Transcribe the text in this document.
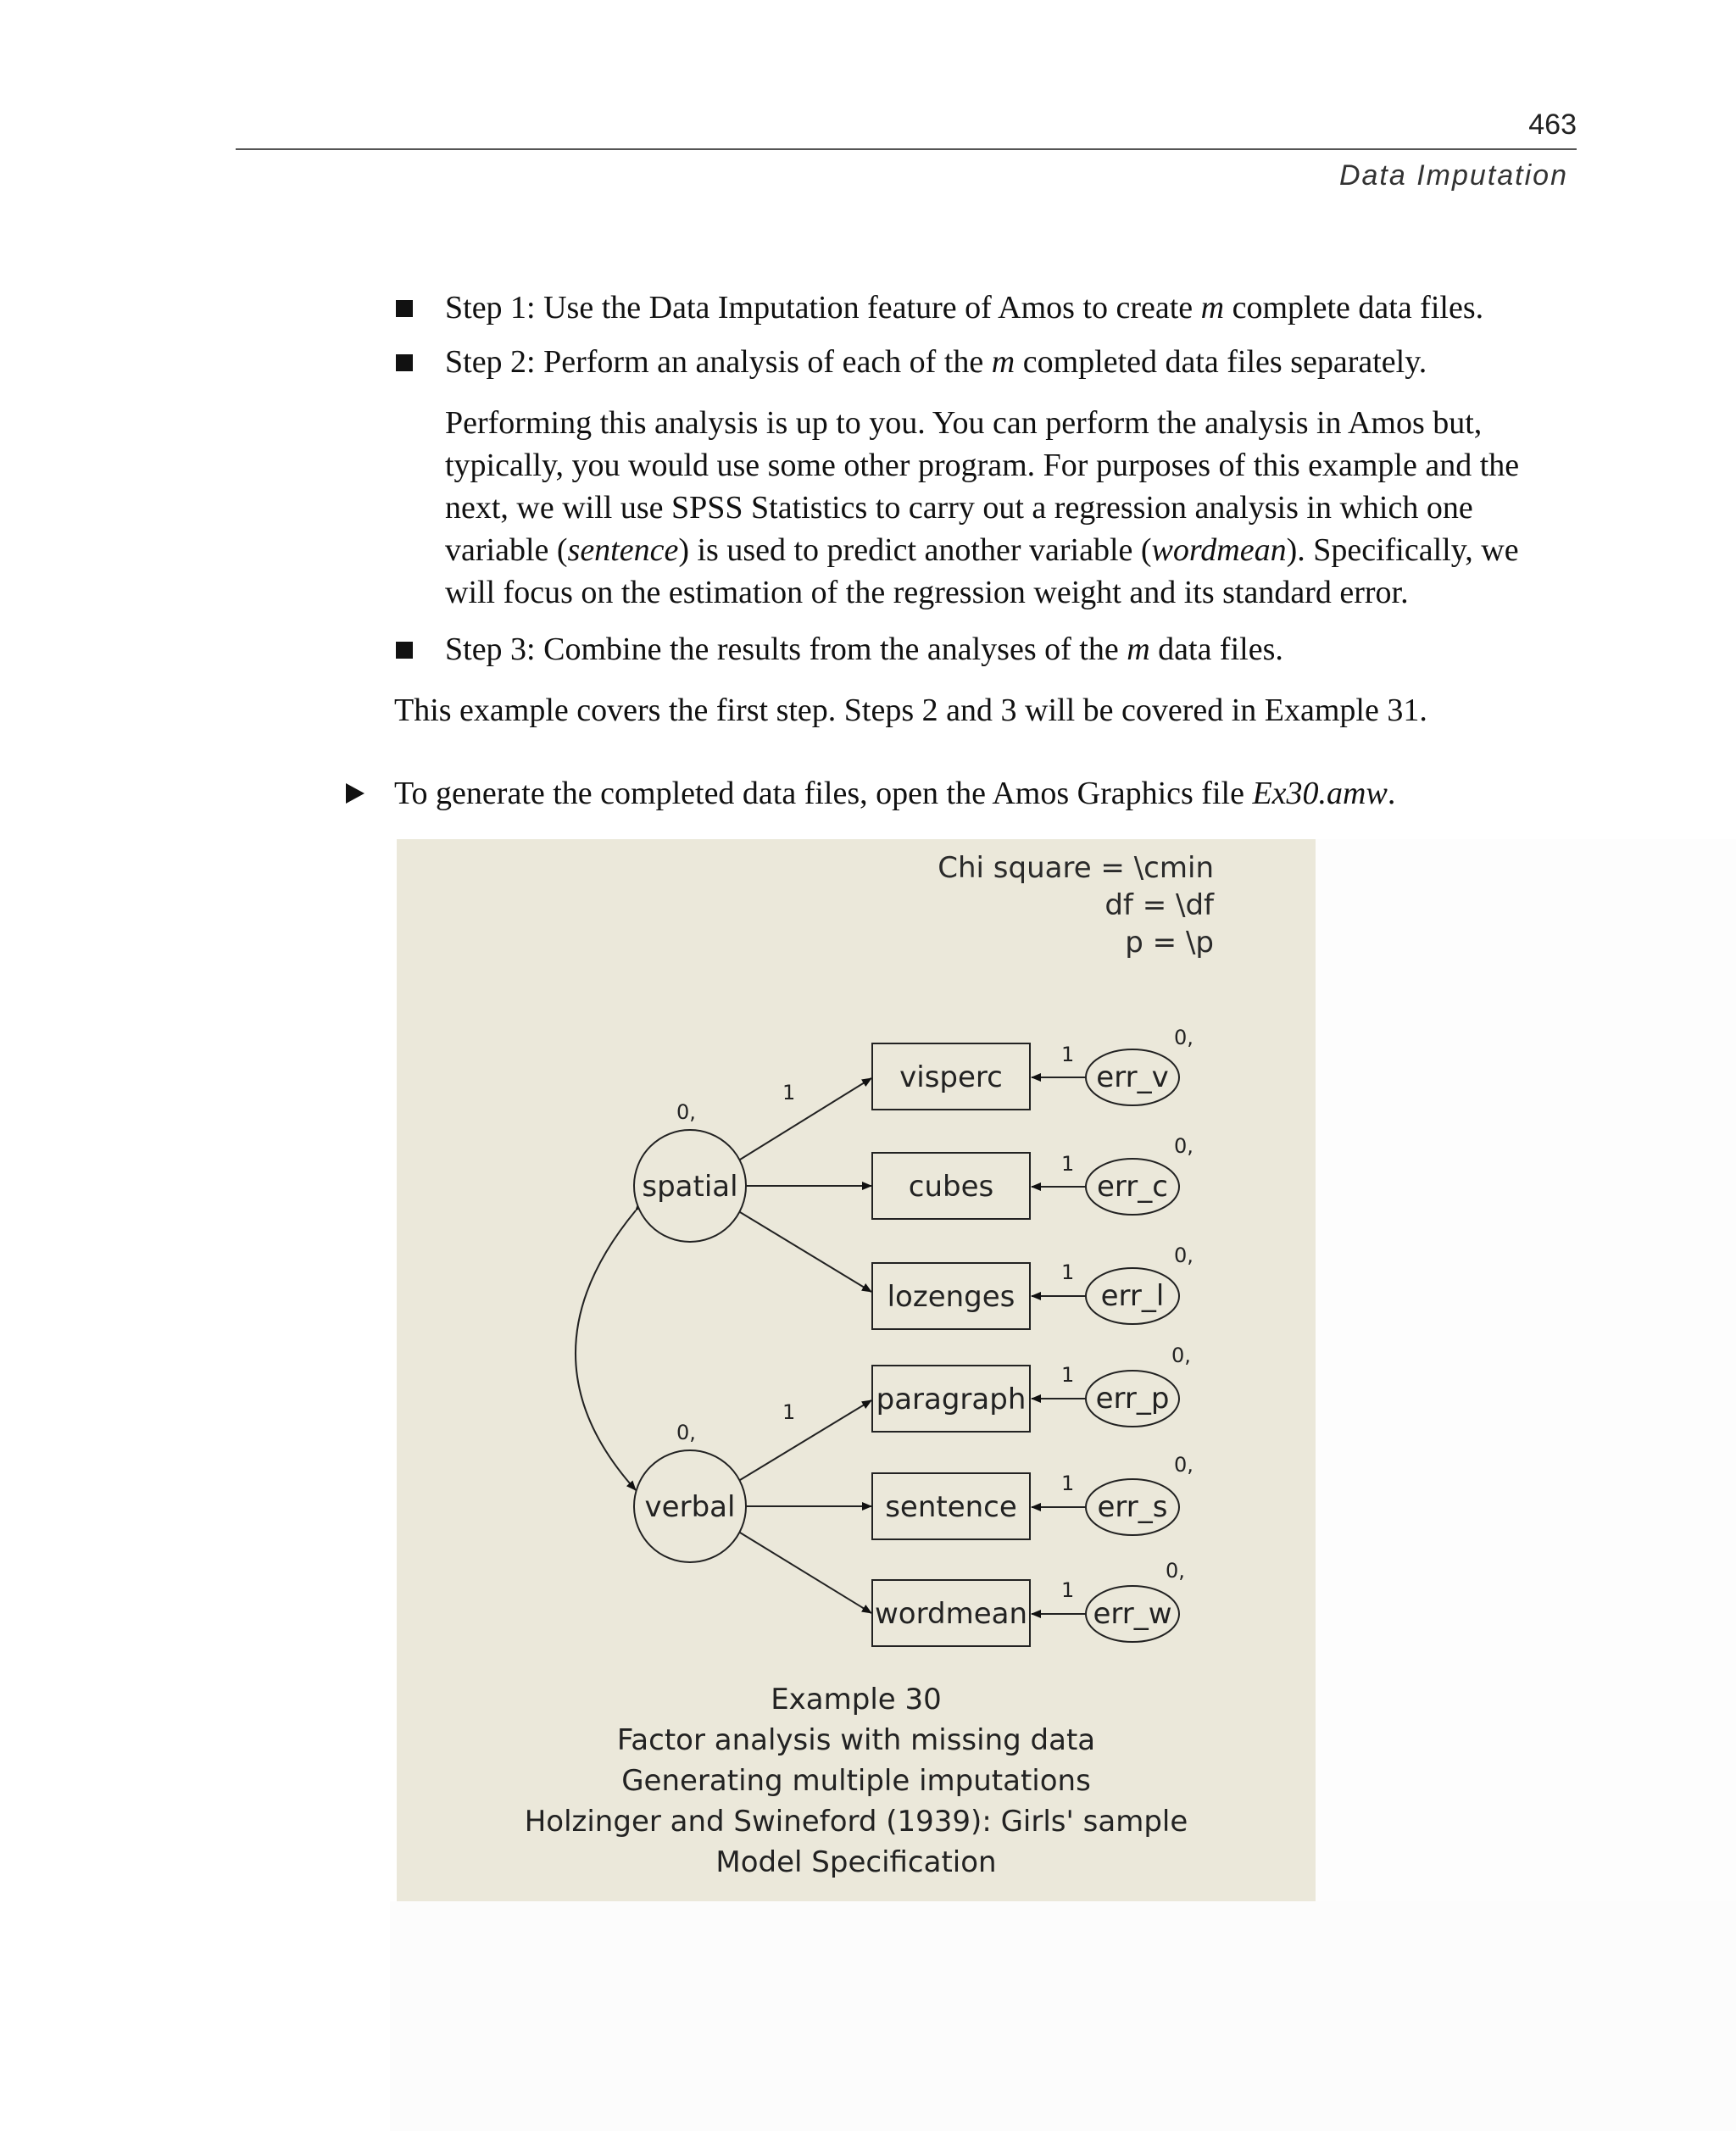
463
Data Imputation
Step 1: Use the Data Imputation feature of Amos to create m complete data files.
Step 2: Perform an analysis of each of the m completed data files separately.
Performing this analysis is up to you. You can perform the analysis in Amos but,
typically, you would use some other program. For purposes of this example and the
next, we will use SPSS Statistics to carry out a regression analysis in which one
variable (sentence) is used to predict another variable (wordmean). Specifically, we
will focus on the estimation of the regression weight and its standard error.
Step 3: Combine the results from the analyses of the m data files.
This example covers the first step. Steps 2 and 3 will be covered in Example 31.
To generate the completed data files, open the Amos Graphics file Ex30.amw.
Chi square = \cmin
df = \df
p = \p
spatial
verbal
0,
0,
1
1
visperc
cubes
lozenges
paragraph
sentence
wordmean
err_v
err_c
err_l
err_p
err_s
err_w
0,
0,
0,
0,
0,
0,
1
1
1
1
1
1
Example 30
Factor analysis with missing data
Generating multiple imputations
Holzinger and Swineford (1939): Girls' sample
Model Specification
